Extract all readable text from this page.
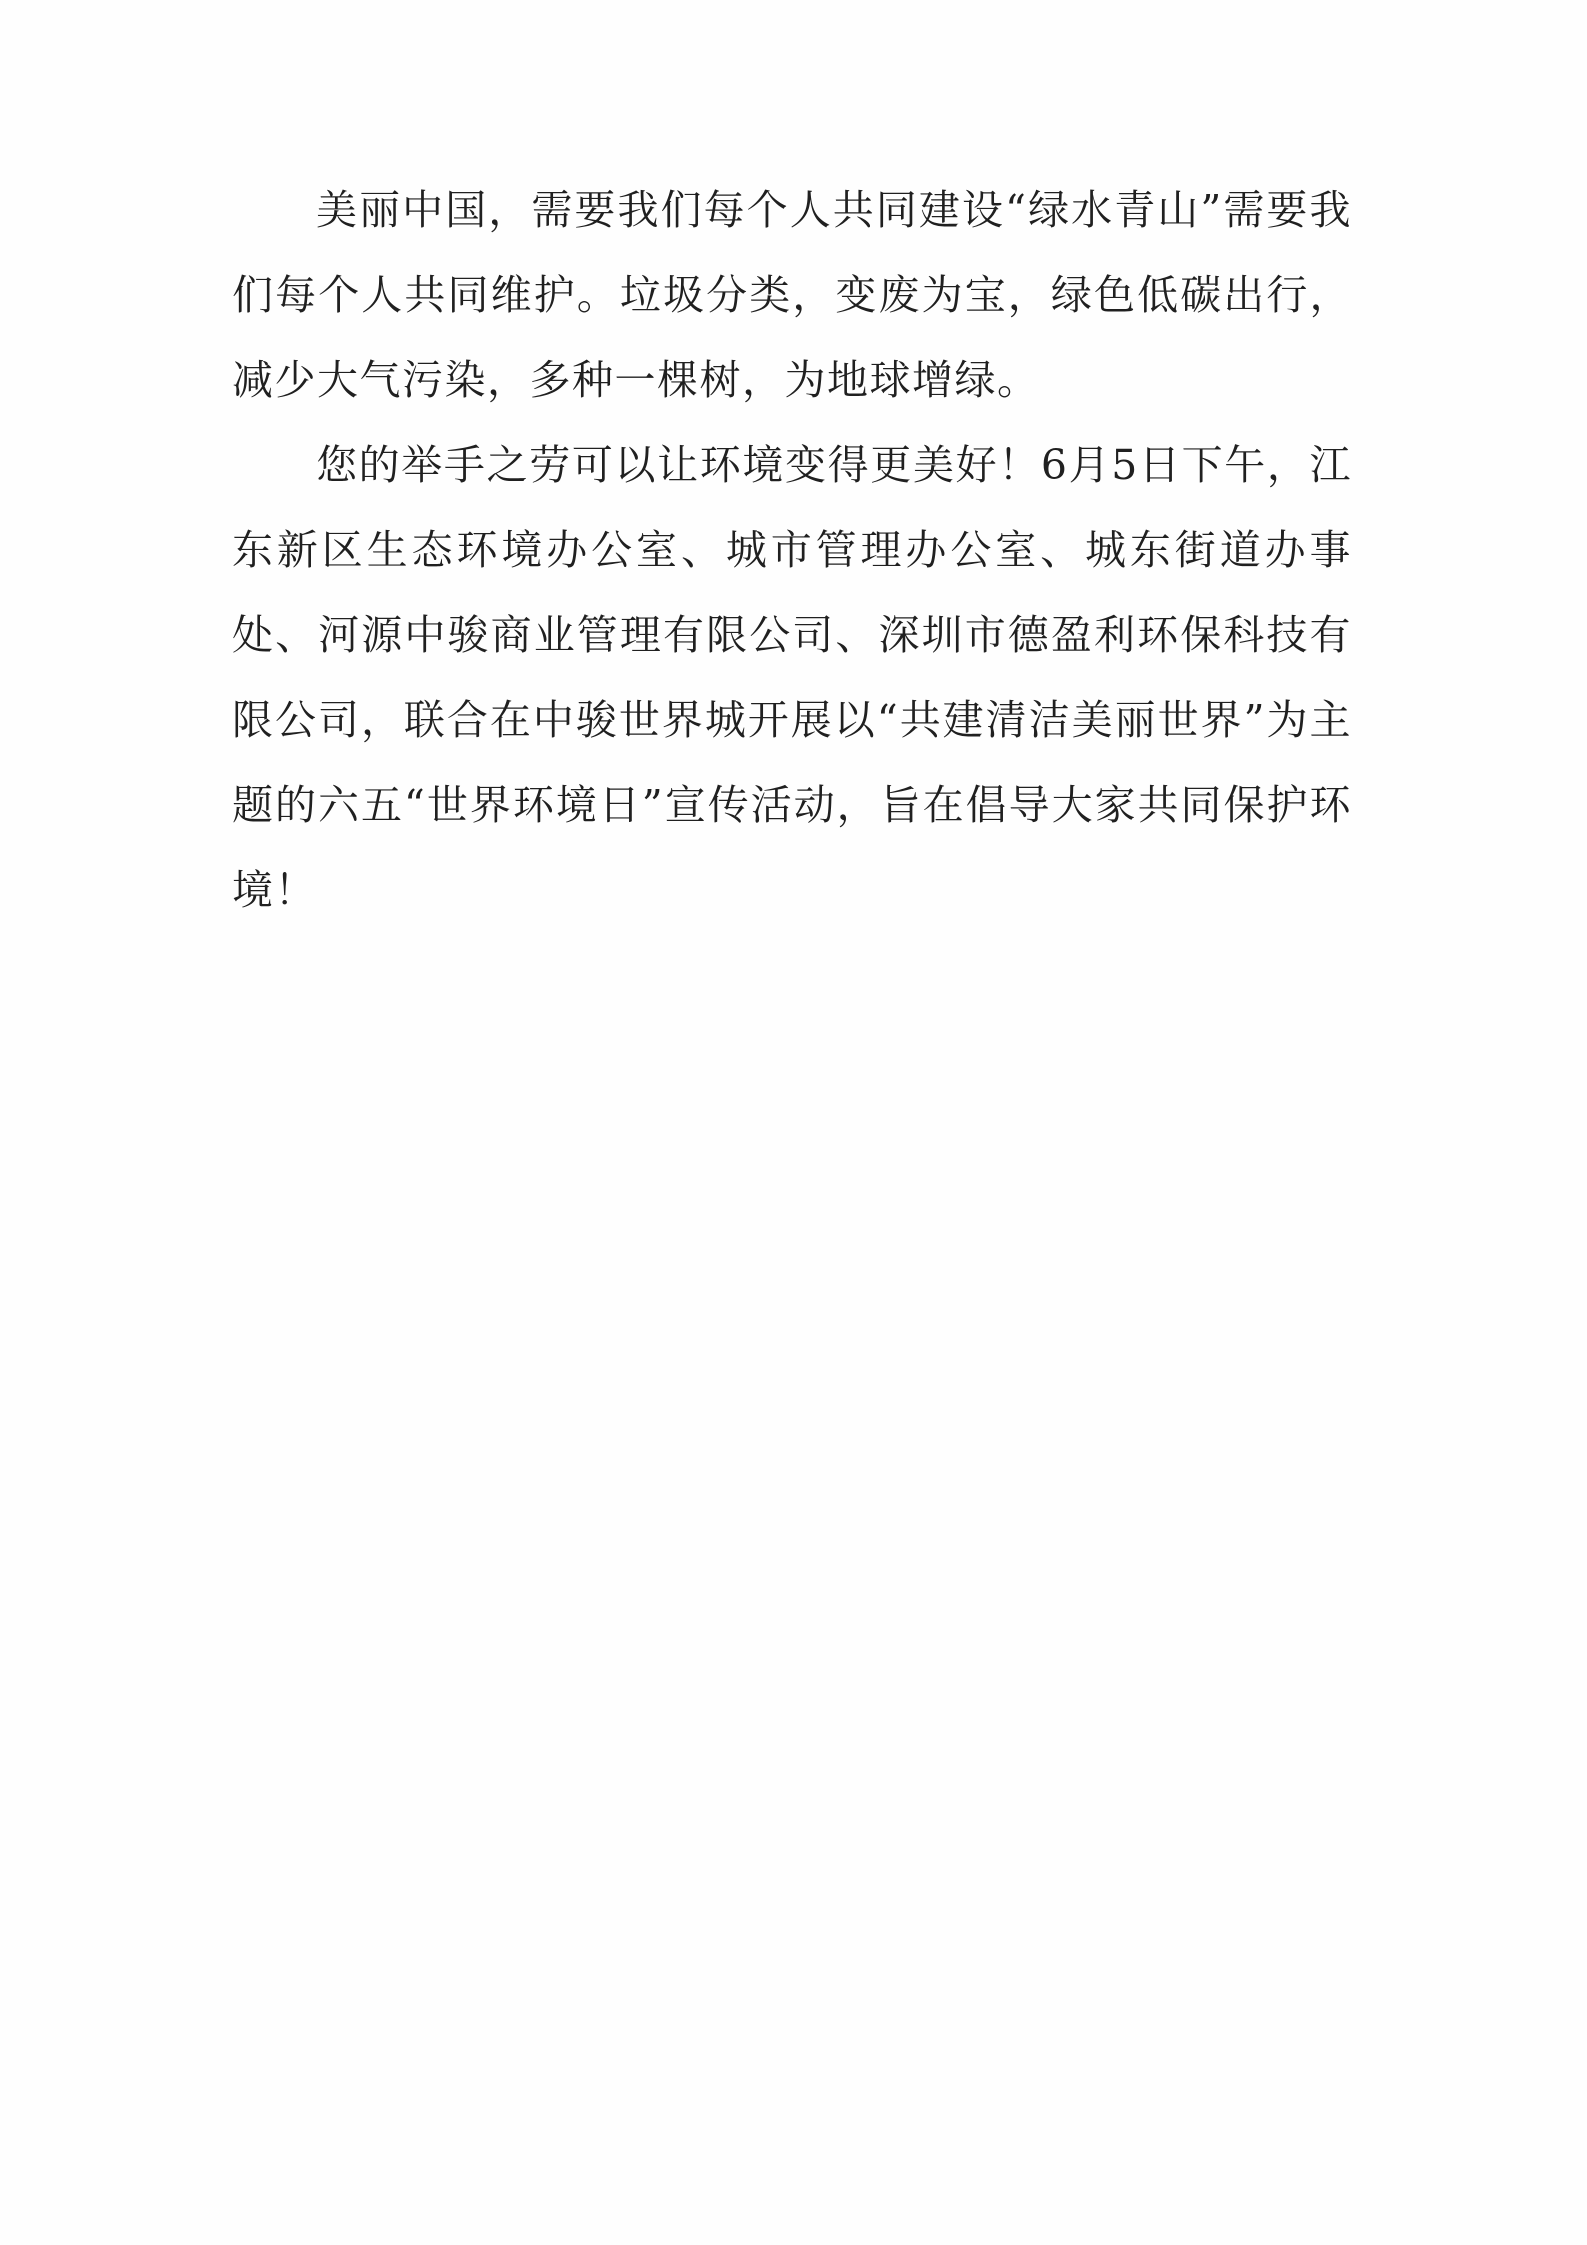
美丽中国，需要我们每个人共同建设“绿水青山”需要我们每个人共同维护。垃圾分类，变废为宝，绿色低碳出行，减少大气污染，多种一棵树，为地球增绿。

您的举手之劳可以让环境变得更美好！6月5日下午，江东新区生态环境办公室、城市管理办公室、城东街道办事处、河源中骏商业管理有限公司、深圳市德盈利环保科技有限公司，联合在中骏世界城开展以“共建清洁美丽世界”为主题的六五“世界环境日”宣传活动，旨在倡导大家共同保护环境！
